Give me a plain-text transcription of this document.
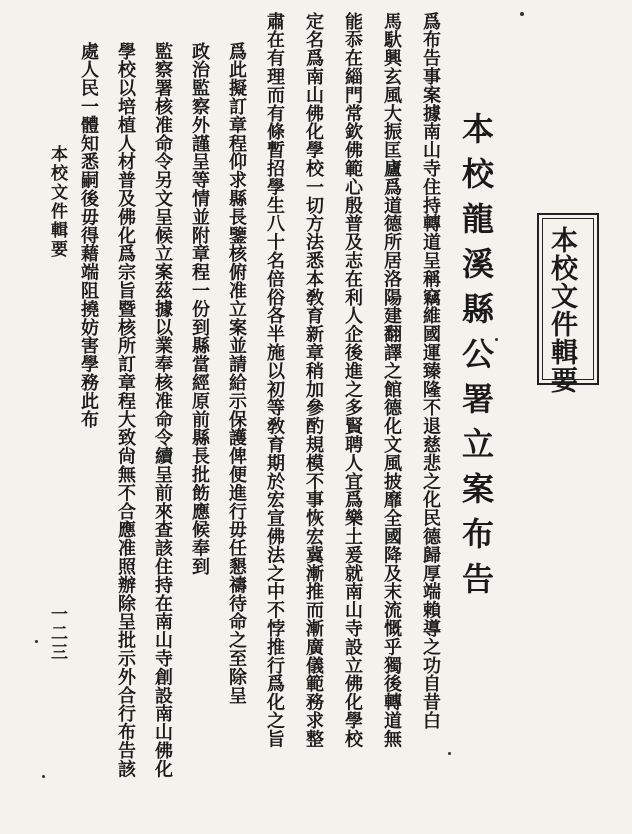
本校文件輯要
本校龍溪縣公署立案布告
爲布告事案據南山寺住持轉道呈稱竊維國運臻隆不退慈悲之化民德歸厚端賴導之功自昔白
馬馱興玄風大振匡廬爲道德所居洛陽建翻譯之館德化文風披靡全國降及末流慨乎獨後轉道無
能忝在緇門常欽佛範心殷普及志在利人企後進之多賢聘人宜爲樂土爰就南山寺設立佛化學校
定名爲南山佛化學校一切方法悉本敎育新章稍加參酌規模不事恢宏冀漸推而漸廣儀範務求整
肅在有理而有條暫招學生八十名倍俗各半施以初等敎育期於宏宣佛法之中不悖推行爲化之旨
爲此擬訂章程仰求縣長鑒核俯准立案並請給示保護俾便進行毋任懇禱待命之至除呈
政治監察外謹呈等情並附章程一份到縣當經原前縣長批飭應候奉到
監察署核准命令另文呈候立案茲據以業奉核准命令續呈前來查該住持在南山寺創設南山佛化
學校以培植人材普及佛化爲宗旨暨核所訂章程大致尙無不合應准照辦除呈批示外合行布告該
處人民一體知悉嗣後毋得藉端阻撓妨害學務此布
本校文件輯要
一二三
